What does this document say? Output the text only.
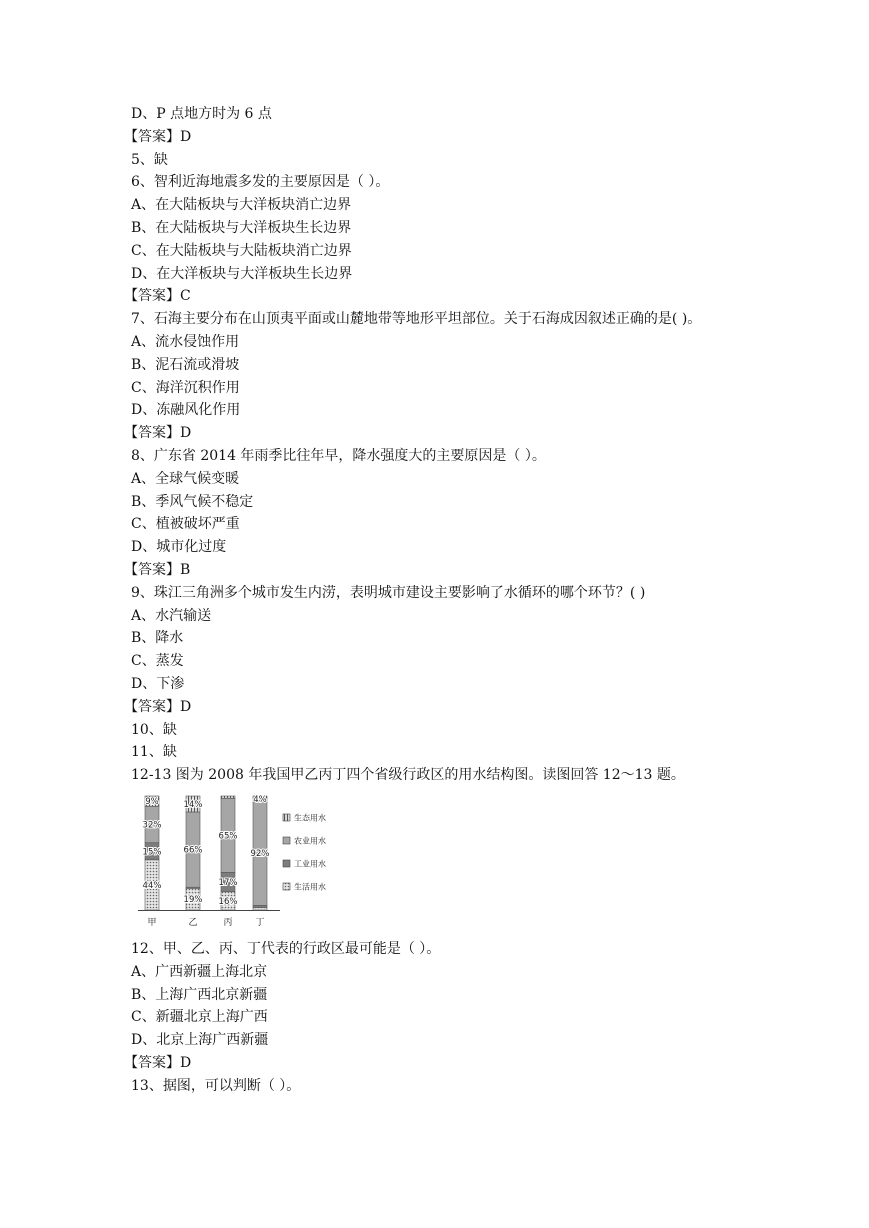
D、P 点地方时为 6 点
【答案】D
5、缺
6、智利近海地震多发的主要原因是（ ）。
A、在大陆板块与大洋板块消亡边界
B、在大陆板块与大洋板块生长边界
C、在大陆板块与大陆板块消亡边界
D、在大洋板块与大洋板块生长边界
【答案】C
7、石海主要分布在山顶夷平面或山麓地带等地形平坦部位。关于石海成因叙述正确的是( )。
A、流水侵蚀作用
B、泥石流或滑坡
C、海洋沉积作用
D、冻融风化作用
【答案】D
8、广东省 2014 年雨季比往年早，降水强度大的主要原因是（ ）。
A、全球气候变暖
B、季风气候不稳定
C、植被破坏严重
D、城市化过度
【答案】B
9、珠江三角洲多个城市发生内涝，表明城市建设主要影响了水循环的哪个环节？( )
A、水汽输送
B、降水
C、蒸发
D、下渗
【答案】D
10、缺
11、缺
12-13 图为 2008 年我国甲乙丙丁四个省级行政区的用水结构图。读图回答 12～13 题。
44%
15%
32%
9%
甲
19%
66%
14%
乙
16%
17%
65%
丙
92%
4%
丁
生态用水
农业用水
工业用水
生活用水
12、甲、乙、丙、丁代表的行政区最可能是（ ）。
A、广西新疆上海北京
B、上海广西北京新疆
C、新疆北京上海广西
D、北京上海广西新疆
【答案】D
13、据图，可以判断（ ）。
